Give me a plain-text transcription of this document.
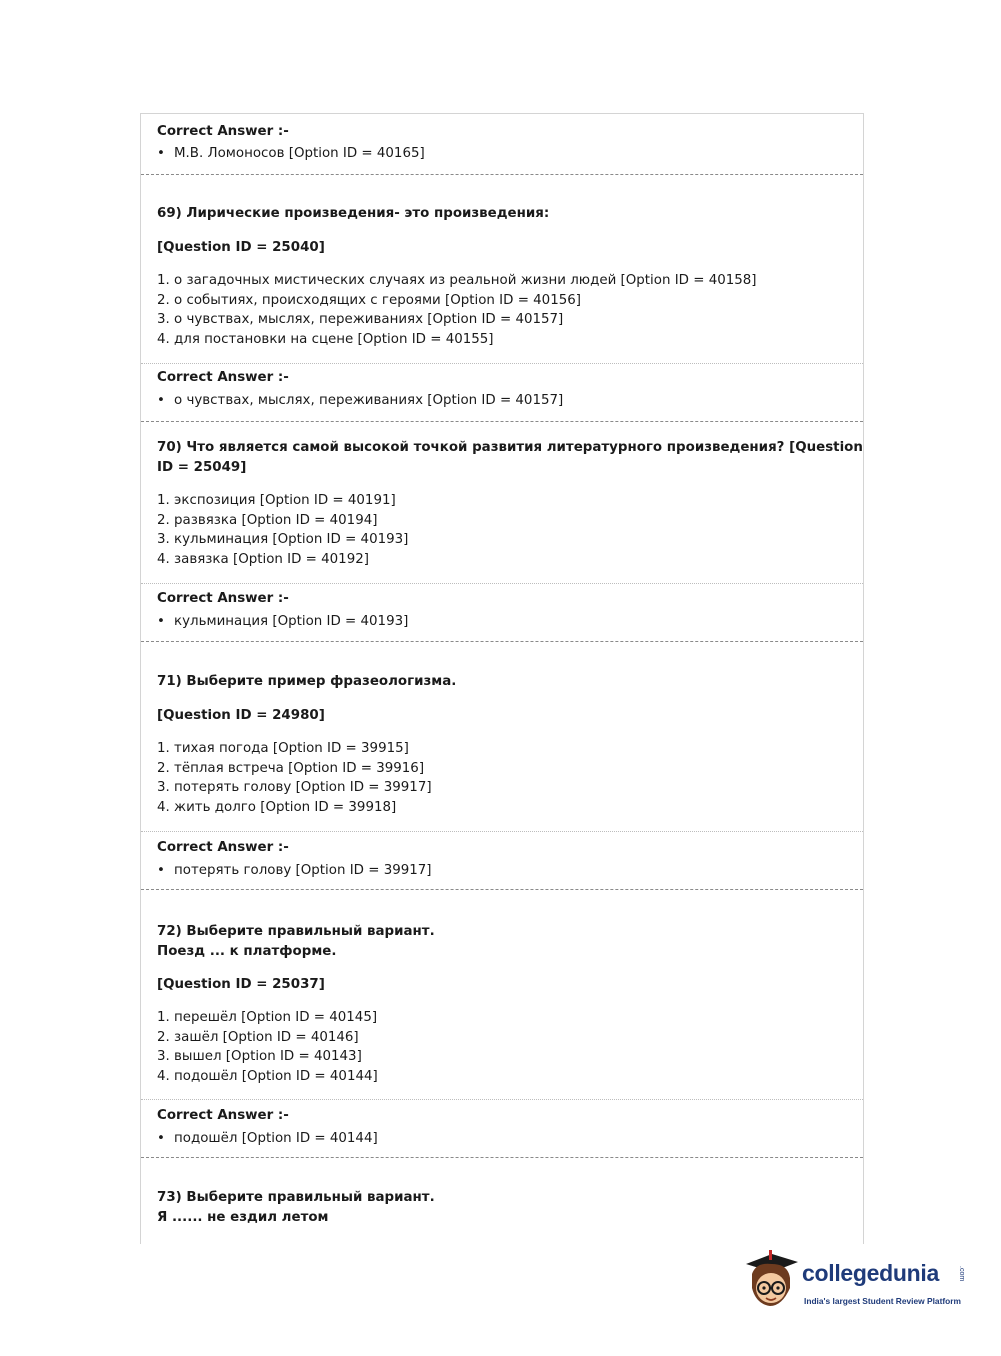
Correct Answer :-
• М.В. Ломоносов [Option ID = 40165]
69) Лирические произведения- это произведения:
[Question ID = 25040]
1. о загадочных мистических случаях из реальной жизни людей [Option ID = 40158]
2. о событиях, происходящих с героями [Option ID = 40156]
3. о чувствах, мыслях, переживаниях [Option ID = 40157]
4. для постановки на сцене [Option ID = 40155]
Correct Answer :-
• о чувствах, мыслях, переживаниях [Option ID = 40157]
70) Что является самой высокой точкой развития литературного произведения? [Question
ID = 25049]
1. экспозиция [Option ID = 40191]
2. развязка [Option ID = 40194]
3. кульминация [Option ID = 40193]
4. завязка [Option ID = 40192]
Correct Answer :-
• кульминация [Option ID = 40193]
71) Выберите пример фразеологизма.
[Question ID = 24980]
1. тихая погода [Option ID = 39915]
2. тёплая встреча [Option ID = 39916]
3. потерять голову [Option ID = 39917]
4. жить долго [Option ID = 39918]
Correct Answer :-
• потерять голову [Option ID = 39917]
72) Выберите правильный вариант.
Поезд ... к платформе.
[Question ID = 25037]
1. перешёл [Option ID = 40145]
2. зашёл [Option ID = 40146]
3. вышел [Option ID = 40143]
4. подошёл [Option ID = 40144]
Correct Answer :-
• подошёл [Option ID = 40144]
73) Выберите правильный вариант.
Я ...... не ездил летом
collegedunia	.com
India's largest Student Review Platform
